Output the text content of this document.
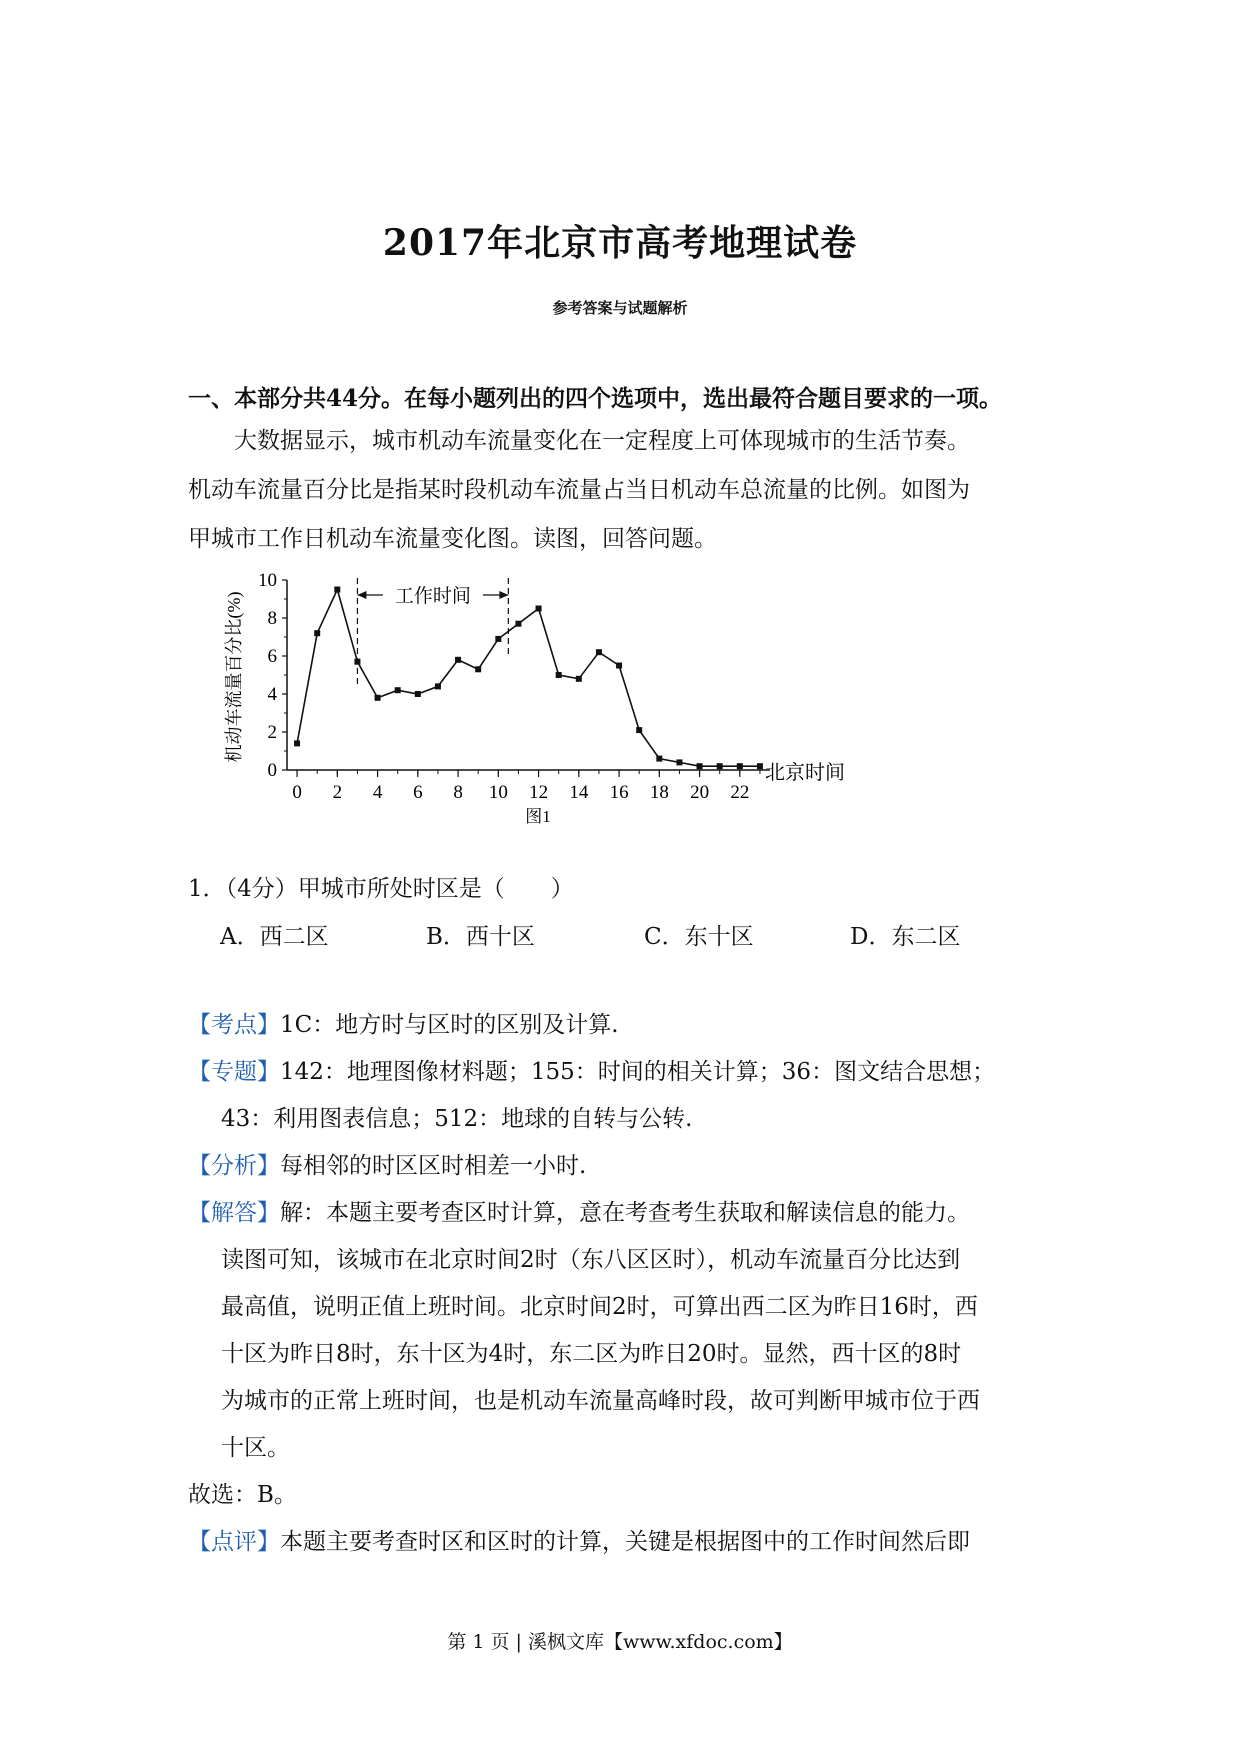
2017年北京市高考地理试卷
参考答案与试题解析
一、本部分共44分。在每小题列出的四个选项中，选出最符合题目要求的一项。

大数据显示，城市机动车流量变化在一定程度上可体现城市的生活节奏。

机动车流量百分比是指某时段机动车流量占当日机动车总流量的比例。如图为

甲城市工作日机动车流量变化图。读图，回答问题。

0 2 4 6 8 10 12 14 16 18 20 22
0
2
4
6
8
10
工作时间
机动车流量百分比(%)
北京时间
图1
1．（4分）甲城市所处时区是（　　）
A．西二区	B．西十区	C．东十区	D．东二区

【考点】1C：地方时与区时的区别及计算.

【专题】142：地理图像材料题；155：时间的相关计算；36：图文结合思想；

43：利用图表信息；512：地球的自转与公转.

【分析】每相邻的时区区时相差一小时.

【解答】解：本题主要考查区时计算，意在考查考生获取和解读信息的能力。

读图可知，该城市在北京时间2时（东八区区时），机动车流量百分比达到

最高值，说明正值上班时间。北京时间2时，可算出西二区为昨日16时，西

十区为昨日8时，东十区为4时，东二区为昨日20时。显然，西十区的8时

为城市的正常上班时间，也是机动车流量高峰时段，故可判断甲城市位于西

十区。

故选：B。

【点评】本题主要考查时区和区时的计算，关键是根据图中的工作时间然后即

第 1 页 | 溪枫文库【www.xfdoc.com】
